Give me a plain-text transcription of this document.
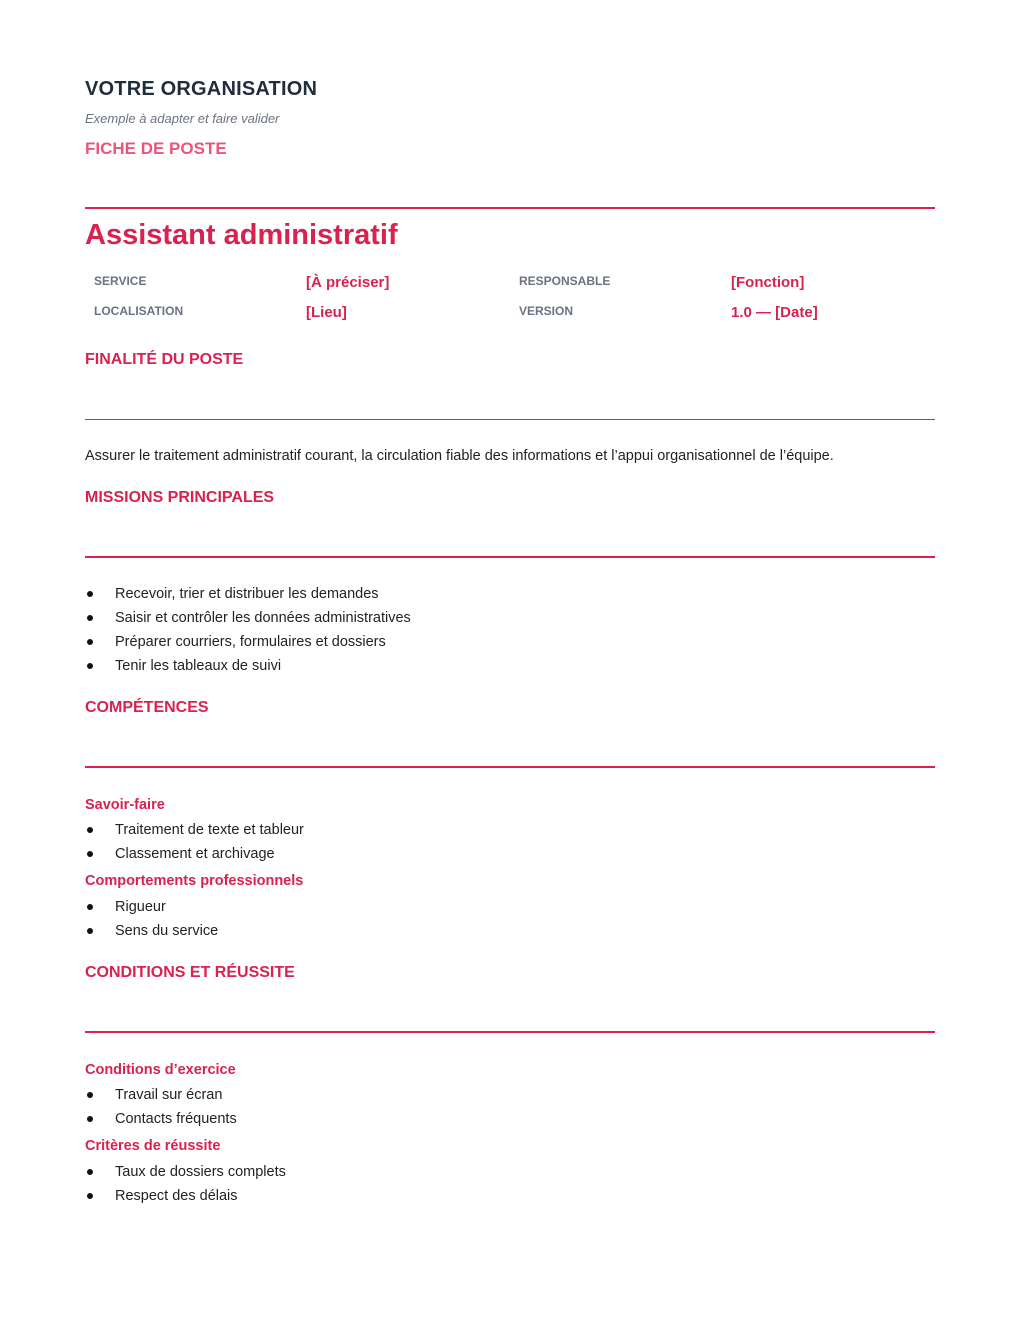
VOTRE ORGANISATION
Exemple à adapter et faire valider
FICHE DE POSTE
Assistant administratif
SERVICE	[À préciser]	RESPONSABLE	[Fonction]
LOCALISATION	[Lieu]	VERSION	1.0 — [Date]
FINALITÉ DU POSTE
Assurer le traitement administratif courant, la circulation fiable des informations et l’appui organisationnel de l’équipe.
MISSIONS PRINCIPALES
Recevoir, trier et distribuer les demandes
Saisir et contrôler les données administratives
Préparer courriers, formulaires et dossiers
Tenir les tableaux de suivi
COMPÉTENCES
Savoir-faire
Traitement de texte et tableur
Classement et archivage
Comportements professionnels
Rigueur
Sens du service
CONDITIONS ET RÉUSSITE
Conditions d’exercice
Travail sur écran
Contacts fréquents
Critères de réussite
Taux de dossiers complets
Respect des délais
